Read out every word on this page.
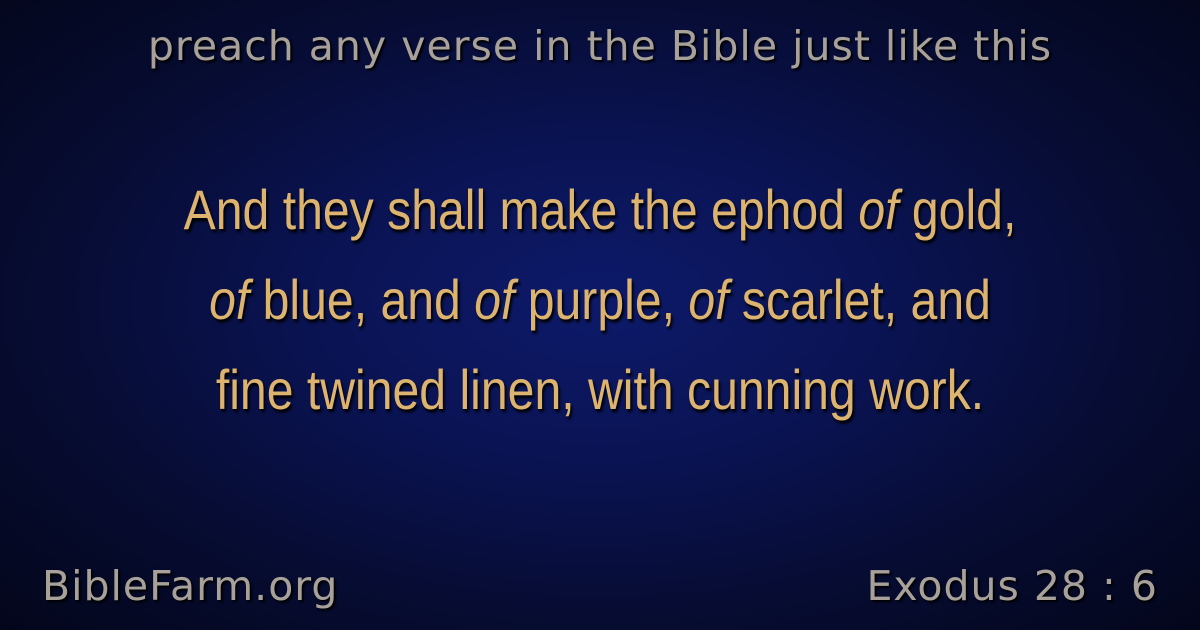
preach any verse in the Bible just like this
And they shall make the ephod of gold,
of blue, and of purple, of scarlet, and
fine twined linen, with cunning work.
BibleFarm.org	Exodus 28 : 6
